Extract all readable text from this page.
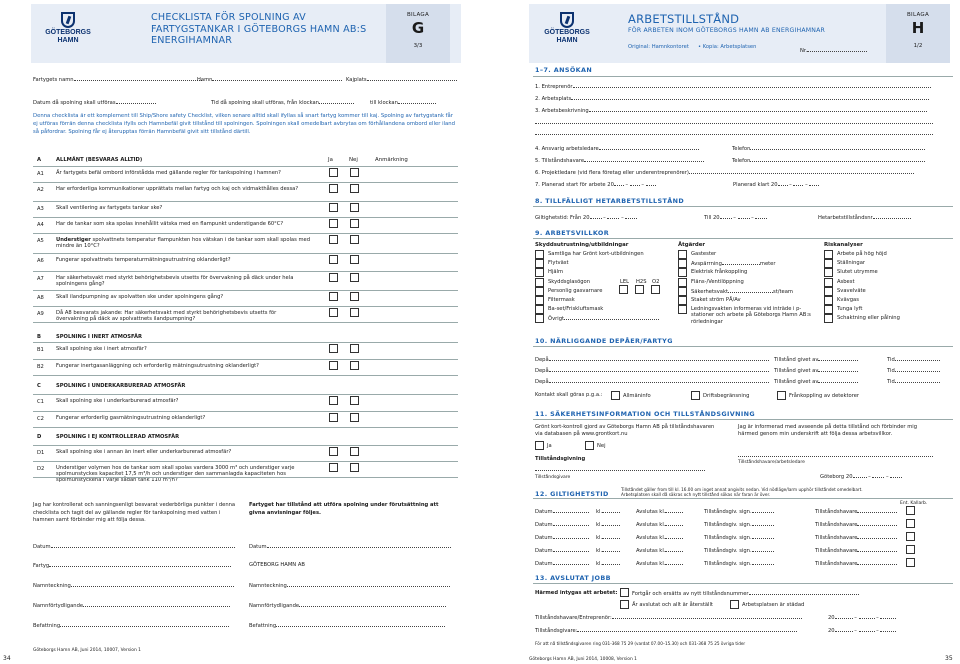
GÖTEBORGS
HAMN
CHECKLISTA FÖR SPOLNING AV
FARTYGSTANKAR I GÖTEBORGS HAMN AB:S
ENERGIHAMNAR
BILAGA
G
3/3
Fartygets namn	Hamn	Kajplats
Datum då spolning skall utföras	Tid då spolning skall utföras, från klockan	till klockan
Denna checklista är ett komplement till Ship/Shore safety Checklist, vilken senare alltid skall ifyllas så snart fartyg kommer till kaj. Spolning av fartygstank får ej utföras förrän denna checklista ifylls och Hamnbefäl givit tillstånd till spolningen. Spolningen skall omedelbart avbrytas om förhållandena ombord eller iland så påfordrar. Spolning får ej återupptas förrän Hamnbefäl givit sitt tillstånd därtill.
Ja	Nej	Anmärkning
Jag har kontrollerat och sanningsenligt besvarat vederbörliga punkter i denna checklista och tagit del av gällande regler för tankspolning med vatten i hamnen samt förbinder mig att följa dessa.
Fartyget har tillstånd att utföra spolning under förutsättning att givna anvisningar följes.
Göteborgs Hamn AB, Juni 2014, 10007, Version 1
34
A	ALLMÄNT (BESVARAS ALLTID)
A1	Är fartygets befäl ombord införstådda med gällande regler för tankspolning i hamnen?
A2	Har erforderliga kommunikationer upprättats mellan fartyg och kaj och vidmakthålles dessa?
A3	Skall ventilering av fartygets tankar ske?
A4	Har de tankar som ska spolas innehållit vätska med en flampunkt understigande 60°C?
A5	Understiger spolvattnets temperatur flampunkten hos vätskan i de tankar som skall spolas med mindre än 10°C?
A6	Fungerar spolvattnets temperaturmätningsutrustning oklanderligt?
A7	Har säkerhetsvakt med styrkt behörighetsbevis utsetts för övervakning på däck under hela spolningens gång?
A8	Skall ilandpumpning av spolvatten ske under spolningens gång?
A9	Då A8 besvarats jakande: Har säkerhetsvakt med styrkt behörighetsbevis utsetts för övervakning på däck av spolvattnets ilandpumpning?
B	SPOLNING I INERT ATMOSFÄR
B1	Skall spolning ske i inert atmosfär?
B2	Fungerar inertgasanläggning och erforderlig mätningsutrustning oklanderligt?
C	SPOLNING I UNDERKARBURERAD ATMOSFÄR
C1	Skall spolning ske i underkarburerad atmosfär?
C2	Fungerar erforderlig gasmätningsutrustning oklanderligt?
D	SPOLNING I EJ KONTROLLERAD ATMOSFÄR
D1	Skall spolning ske i annan än inert eller underkarburerad atmosfär?
D2	Understiger volymen hos de tankar som skall spolas vardera 3000 m³ och understiger varje spolmunstyckes kapacitet 17,5 m³/h och understiger den sammanlagda kapaciteten hos spolmunstyckena i varje sådan tank 110 m³/h?
Datum	Datum
Fartyg	GÖTEBORG HAMN AB
Namnteckning	Namnteckning
Namnförtydligande	Namnförtydligande
Befattning	Befattning
GÖTEBORGS
HAMN
ARBETSTILLSTÅND
FÖR ARBETEN INOM GÖTEBORGS HAMN AB ENERGIHAMNAR
Original: Hamnkontoret • Kopia: Arbetsplatsen
Nr.
BILAGA
H
1/2
1–7. ANSÖKAN
1. Entreprenör
2. Arbetsplats
3. Arbetsbeskrivning
4. Ansvarig arbetsledare	Telefon
5. Tillståndshavare	Telefon
6. Projektledare (vid flera företag eller underentreprenörer)
7. Planerad start för arbete 20 –  –	Planerad klart 20 –  –
8. TILLFÄLLIGT HETARBETSTILLSTÅND
Giltighetstid: Från 20 –  –	Till 20 –  –	Hetarbetstillståndsnr
9. ARBETSVILLKOR
Skyddsutrustning/utbildningar	Åtgärder	Riskanalyser
10. NÄRLIGGANDE DEPÅER/FARTYG
Kontakt skall göras p.g.a.:	Allmäninfo	Driftsbegränsning	Frånkoppling av detektorer
11. SÄKERHETSINFORMATION OCH TILLSTÅNDSGIVNING
Grönt kort-kontroll gjord av Göteborgs Hamn AB på tillståndshavaren via databasen på www.grontkort.nu
Ja	Nej
Tillståndsgivning
Tillståndsgivare
Jag är informerad med avseende på detta tillstånd och förbinder mig härmed genom min underskrift att följa dessa arbetsvillkor.
Tillståndshavare/arbetsledare
Göteborg 20	–  –
12. GILTIGHETSTID
Tillståndet gäller from till kl. 16.00 om inget annat angivits nedan. Vid nödläge/larm upphör tillståndet omedelbart.
Arbetsplatsen skall då säkras och nytt tillstånd sökas när faran är över.
Ent. Kallarb.
13. AVSLUTAT JOBB
Härmed intygas att arbetet:	Fortgår och ersätts av nytt tillståndsnummer
Är avslutat och allt är återställt	Arbetsplatsen är städad
Tillståndshavare/Entreprenör:	20	–	–
Tillståndsgivare:	20	–	–
För att nå tillståndsgivaren ring 031-368 75 29 (vardat 07.00–15.30) och 031-368 75 25 övriga tider
Göteborgs Hamn AB, Juni 2014, 10008, Version 1	35
Samtliga har Grönt kort-utbildningen
Flytväst
Hjälm
Skyddsglasögon	LEL H2S O2
Personlig gasvarnare
Filtermask
Ba-set/Friskluftsmask
Övrigt
Gastester
Avspärrning	meter
Elektrisk frånkoppling
Fläns-/Ventilöppning
Säkerhetsvakt	st/team
Staket ström PÅ/Av
Ledningsvakten informeras vid inträde i p-stationer och arbete på Göteborgs Hamn AB:s rörledningar
Arbete på hög höjd
Ställningar
Slutet utrymme
Asbest
Svavelväte
Kvävgas
Tunga lyft
Schaktning eller pålning
Depå	Tillstånd givet av	Tid
Depå	Tillstånd givet av	Tid
Depå	Tillstånd givet av	Tid
Datum	kl.	Avslutas kl.	Tillståndsgiv. sign.	Tillståndshavare
Datum	kl.	Avslutas kl.	Tillståndsgiv. sign.	Tillståndshavare
Datum	kl.	Avslutas kl.	Tillståndsgiv. sign.	Tillståndshavare
Datum	kl.	Avslutas kl.	Tillståndsgiv. sign.	Tillståndshavare
Datum	kl.	Avslutas kl.	Tillståndsgiv. sign.	Tillståndshavare
